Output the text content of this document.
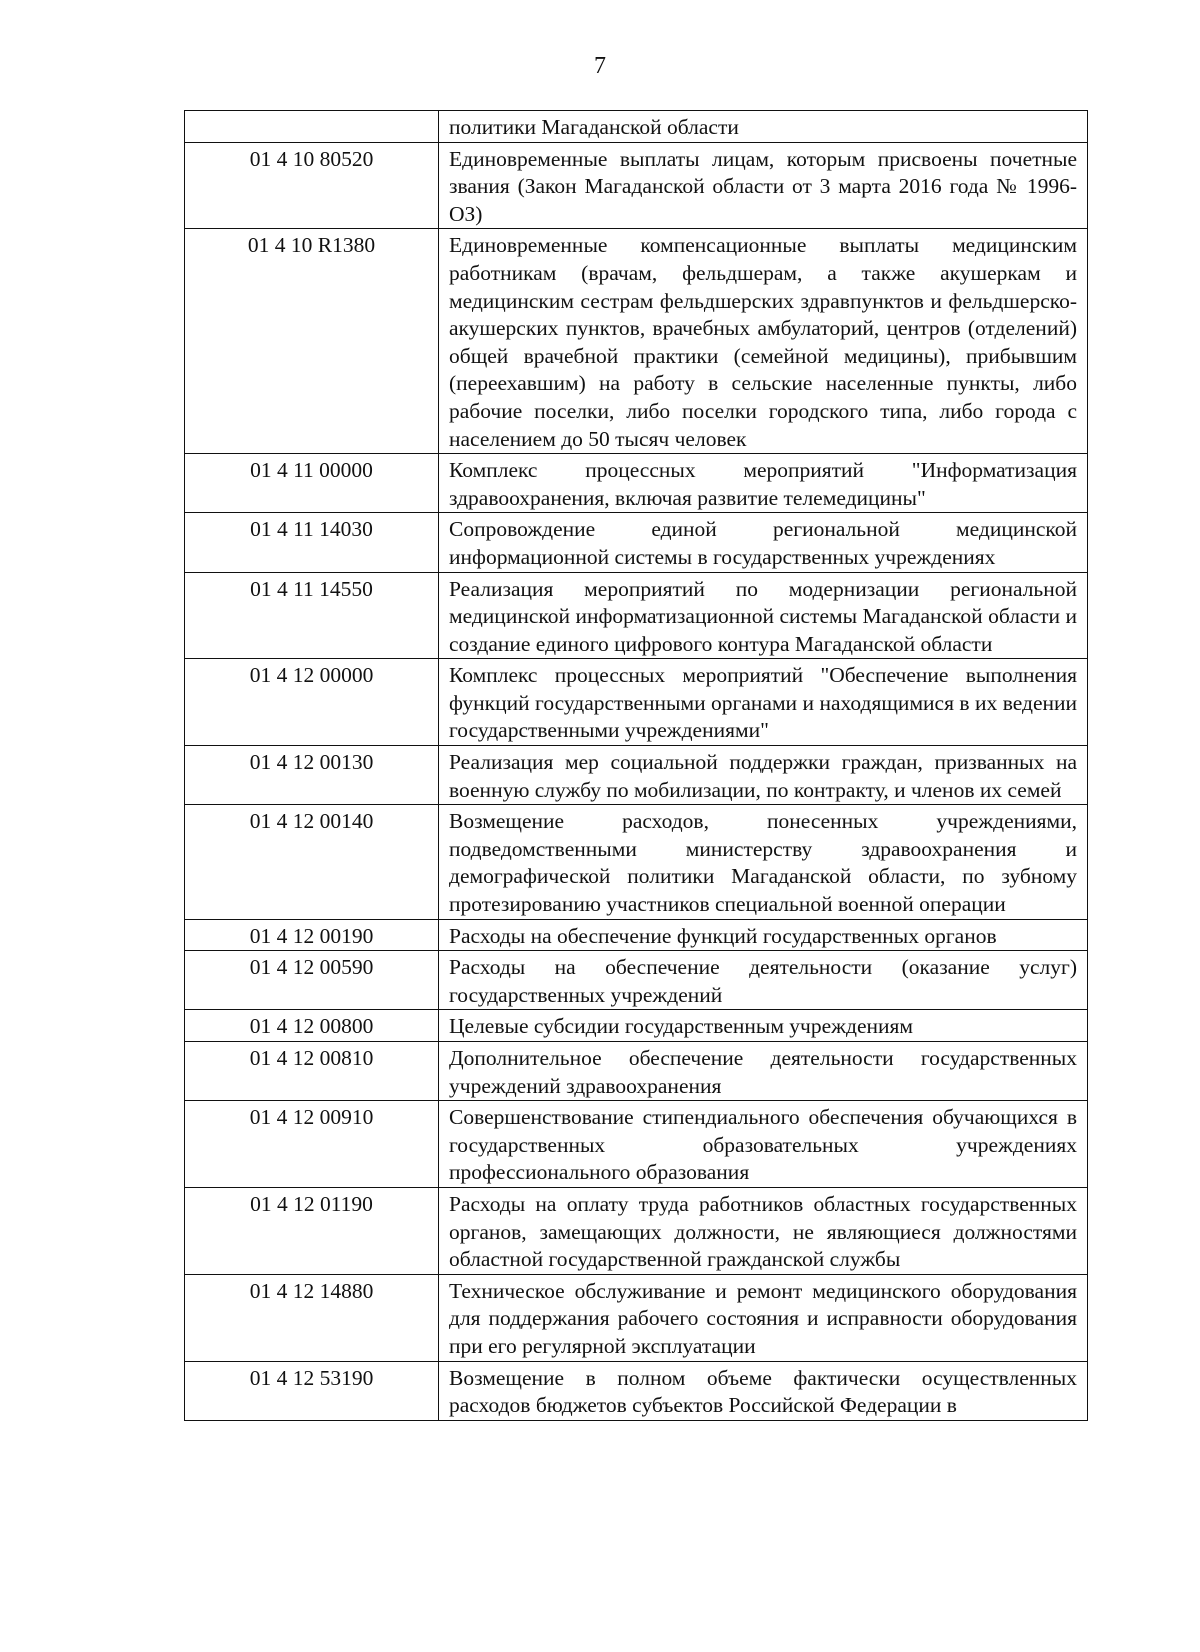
7
	политики Магаданской области
01 4 10 80520	Единовременные выплаты лицам, которым присвоены почетные звания (Закон Магаданской области от 3 марта 2016 года № 1996-ОЗ)
01 4 10 R1380	Единовременные компенсационные выплаты медицинским работникам (врачам, фельдшерам, а также акушеркам и медицинским сестрам фельдшерских здравпунктов и фельдшерско-акушерских пунктов, врачебных амбулаторий, центров (отделений) общей врачебной практики (семейной медицины), прибывшим (переехавшим) на работу в сельские населенные пункты, либо рабочие поселки, либо поселки городского типа, либо города с населением до 50 тысяч человек
01 4 11 00000	Комплекс процессных мероприятий "Информатизация здравоохранения, включая развитие телемедицины"
01 4 11 14030	Сопровождение единой региональной медицинской информационной системы в государственных учреждениях
01 4 11 14550	Реализация мероприятий по модернизации региональной медицинской информатизационной системы Магаданской области и создание единого цифрового контура Магаданской области
01 4 12 00000	Комплекс процессных мероприятий "Обеспечение выполнения функций государственными органами и находящимися в их ведении государственными учреждениями"
01 4 12 00130	Реализация мер социальной поддержки граждан, призванных на военную службу по мобилизации, по контракту, и членов их семей
01 4 12 00140	Возмещение расходов, понесенных учреждениями, подведомственными министерству здравоохранения и демографической политики Магаданской области, по зубному протезированию участников специальной военной операции
01 4 12 00190	Расходы на обеспечение функций государственных органов
01 4 12 00590	Расходы на обеспечение деятельности (оказание услуг) государственных учреждений
01 4 12 00800	Целевые субсидии государственным учреждениям
01 4 12 00810	Дополнительное обеспечение деятельности государственных учреждений здравоохранения
01 4 12 00910	Совершенствование стипендиального обеспечения обучающихся в государственных образовательных учреждениях профессионального образования
01 4 12 01190	Расходы на оплату труда работников областных государственных органов, замещающих должности, не являющиеся должностями областной государственной гражданской службы
01 4 12 14880	Техническое обслуживание и ремонт медицинского оборудования для поддержания рабочего состояния и исправности оборудования при его регулярной эксплуатации
01 4 12 53190	Возмещение в полном объеме фактически осуществленных расходов бюджетов субъектов Российской Федерации в
